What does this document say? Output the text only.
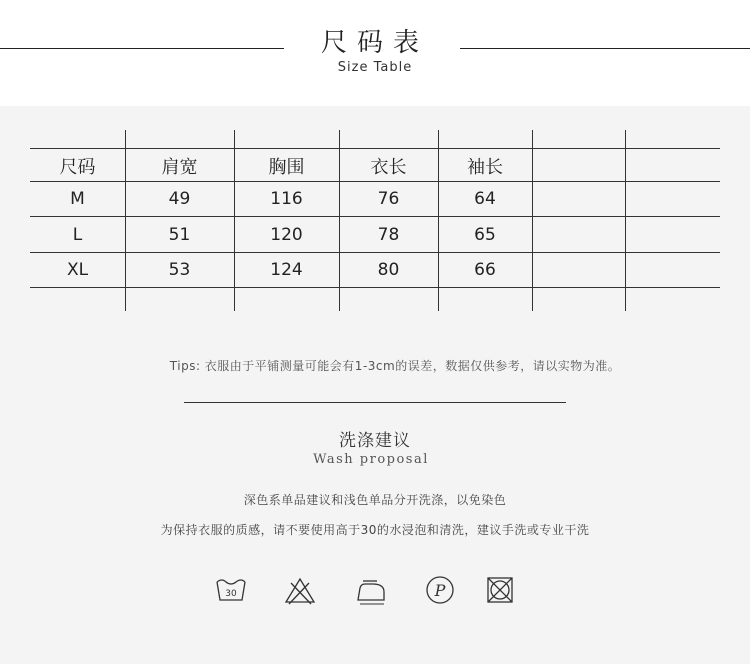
尺码表
Size Table
尺码	肩宽	胸围	衣长	袖长
M	49	116	76	64
L	51	120	78	65
XL	53	124	80	66
Tips: 衣服由于平铺测量可能会有1-3cm的误差，数据仅供参考，请以实物为准。
洗涤建议
Wash proposal
深色系单品建议和浅色单品分开洗涤，以免染色
为保持衣服的质感，请不要使用高于30的水浸泡和清洗，建议手洗或专业干洗
30	P
